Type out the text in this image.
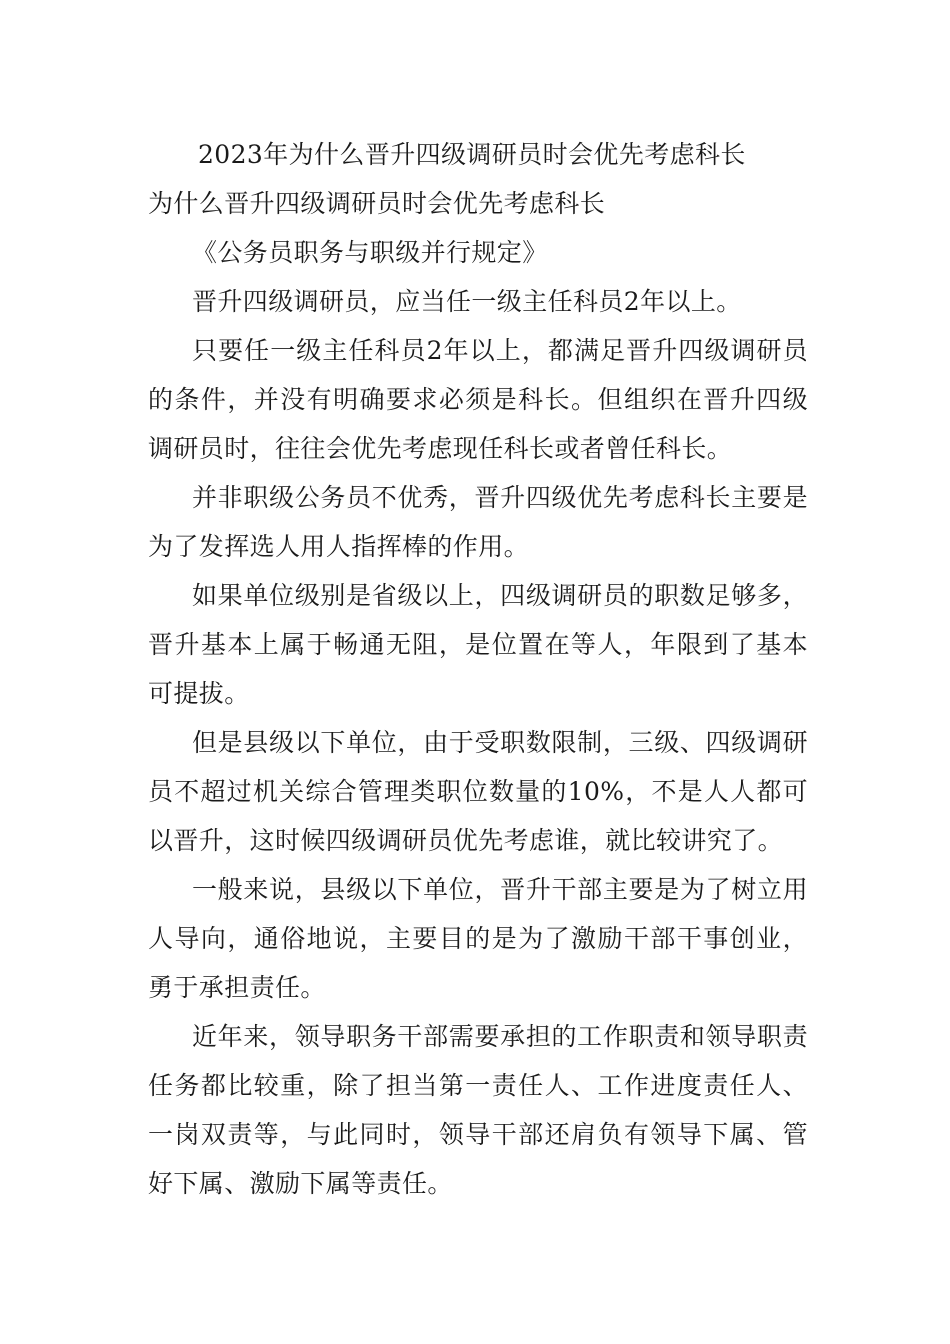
2023年为什么晋升四级调研员时会优先考虑科长

为什么晋升四级调研员时会优先考虑科长

《公务员职务与职级并行规定》

晋升四级调研员，应当任一级主任科员2年以上。

只要任一级主任科员2年以上，都满足晋升四级调研员的条件，并没有明确要求必须是科长。但组织在晋升四级调研员时，往往会优先考虑现任科长或者曾任科长。

并非职级公务员不优秀，晋升四级优先考虑科长主要是为了发挥选人用人指挥棒的作用。

如果单位级别是省级以上，四级调研员的职数足够多，晋升基本上属于畅通无阻，是位置在等人，年限到了基本可提拔。

但是县级以下单位，由于受职数限制，三级、四级调研员不超过机关综合管理类职位数量的10%，不是人人都可以晋升，这时候四级调研员优先考虑谁，就比较讲究了。

一般来说，县级以下单位，晋升干部主要是为了树立用人导向，通俗地说，主要目的是为了激励干部干事创业，勇于承担责任。

近年来，领导职务干部需要承担的工作职责和领导职责任务都比较重，除了担当第一责任人、工作进度责任人、一岗双责等，与此同时，领导干部还肩负有领导下属、管好下属、激励下属等责任。
